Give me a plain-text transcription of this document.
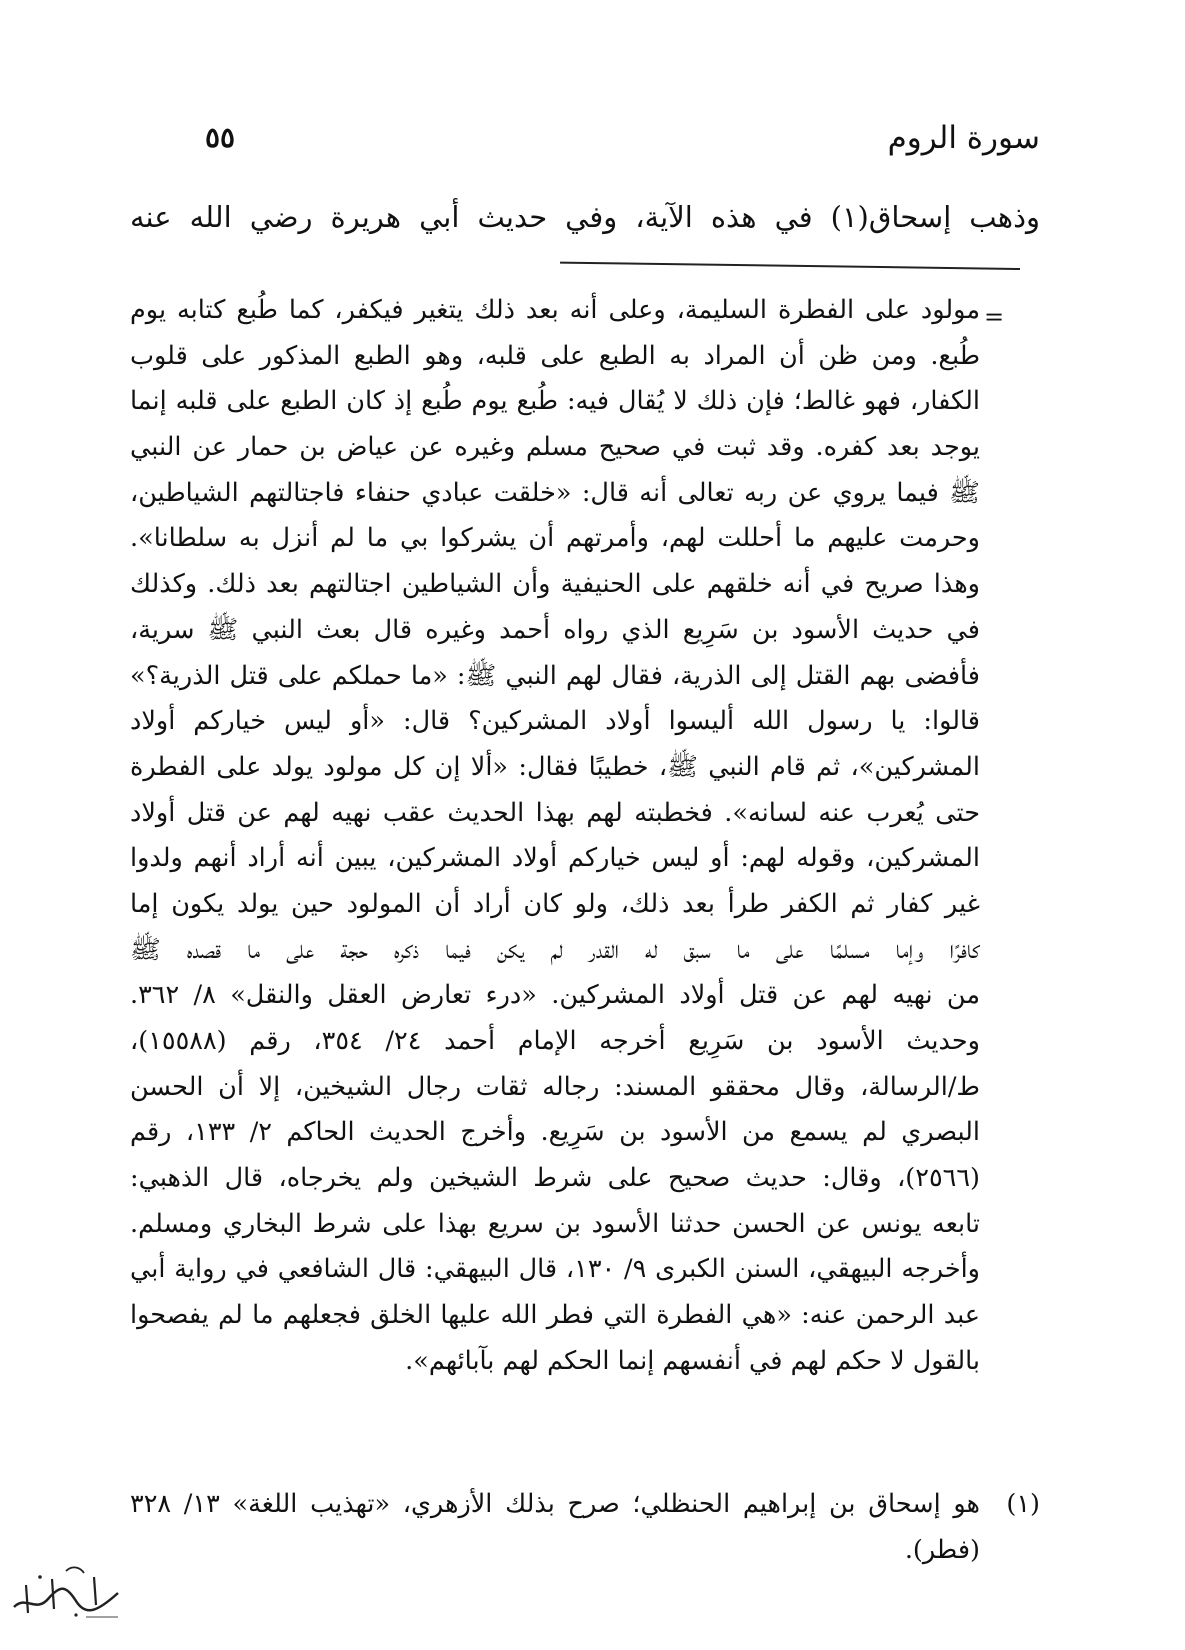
سورة الروم
٥٥
وذهب إسحاق(١) في هذه الآية، وفي حديث أبي هريرة رضي الله عنه
=
مولود على الفطرة السليمة، وعلى أنه بعد ذلك يتغير فيكفر، كما طُبع كتابه يوم
طُبع. ومن ظن أن المراد به الطبع على قلبه، وهو الطبع المذكور على قلوب
الكفار، فهو غالط؛ فإن ذلك لا يُقال فيه: طُبع يوم طُبع إذ كان الطبع على قلبه إنما
يوجد بعد كفره. وقد ثبت في صحيح مسلم وغيره عن عياض بن حمار عن النبي
ﷺ فيما يروي عن ربه تعالى أنه قال: «خلقت عبادي حنفاء فاجتالتهم الشياطين،
وحرمت عليهم ما أحللت لهم، وأمرتهم أن يشركوا بي ما لم أنزل به سلطانا».
وهذا صريح في أنه خلقهم على الحنيفية وأن الشياطين اجتالتهم بعد ذلك. وكذلك
في حديث الأسود بن سَرِيع الذي رواه أحمد وغيره قال بعث النبي ﷺ سرية،
فأفضى بهم القتل إلى الذرية، فقال لهم النبي ﷺ: «ما حملكم على قتل الذرية؟»
قالوا: يا رسول الله أليسوا أولاد المشركين؟ قال: «أو ليس خياركم أولاد
المشركين»، ثم قام النبي ﷺ، خطيبًا فقال: «ألا إن كل مولود يولد على الفطرة
حتى يُعرب عنه لسانه». فخطبته لهم بهذا الحديث عقب نهيه لهم عن قتل أولاد
المشركين، وقوله لهم: أو ليس خياركم أولاد المشركين، يبين أنه أراد أنهم ولدوا
غير كفار ثم الكفر طرأ بعد ذلك، ولو كان أراد أن المولود حين يولد يكون إما
كافرًا وإما مسلمًا على ما سبق له القدر لم يكن فيما ذكره حجة على ما قصده ﷺ
من نهيه لهم عن قتل أولاد المشركين. «درء تعارض العقل والنقل» ٨/ ٣٦٢.
وحديث الأسود بن سَرِيع أخرجه الإمام أحمد ٢٤/ ٣٥٤، رقم (١٥٥٨٨)،
ط/الرسالة، وقال محققو المسند: رجاله ثقات رجال الشيخين، إلا أن الحسن
البصري لم يسمع من الأسود بن سَرِيع. وأخرج الحديث الحاكم ٢/ ١٣٣، رقم
(٢٥٦٦)، وقال: حديث صحيح على شرط الشيخين ولم يخرجاه، قال الذهبي:
تابعه يونس عن الحسن حدثنا الأسود بن سريع بهذا على شرط البخاري ومسلم.
وأخرجه البيهقي، السنن الكبرى ٩/ ١٣٠، قال البيهقي: قال الشافعي في رواية أبي
عبد الرحمن عنه: «هي الفطرة التي فطر الله عليها الخلق فجعلهم ما لم يفصحوا
بالقول لا حكم لهم في أنفسهم إنما الحكم لهم بآبائهم».
(١)
هو إسحاق بن إبراهيم الحنظلي؛ صرح بذلك الأزهري، «تهذيب اللغة» ١٣/ ٣٢٨
(فطر).
